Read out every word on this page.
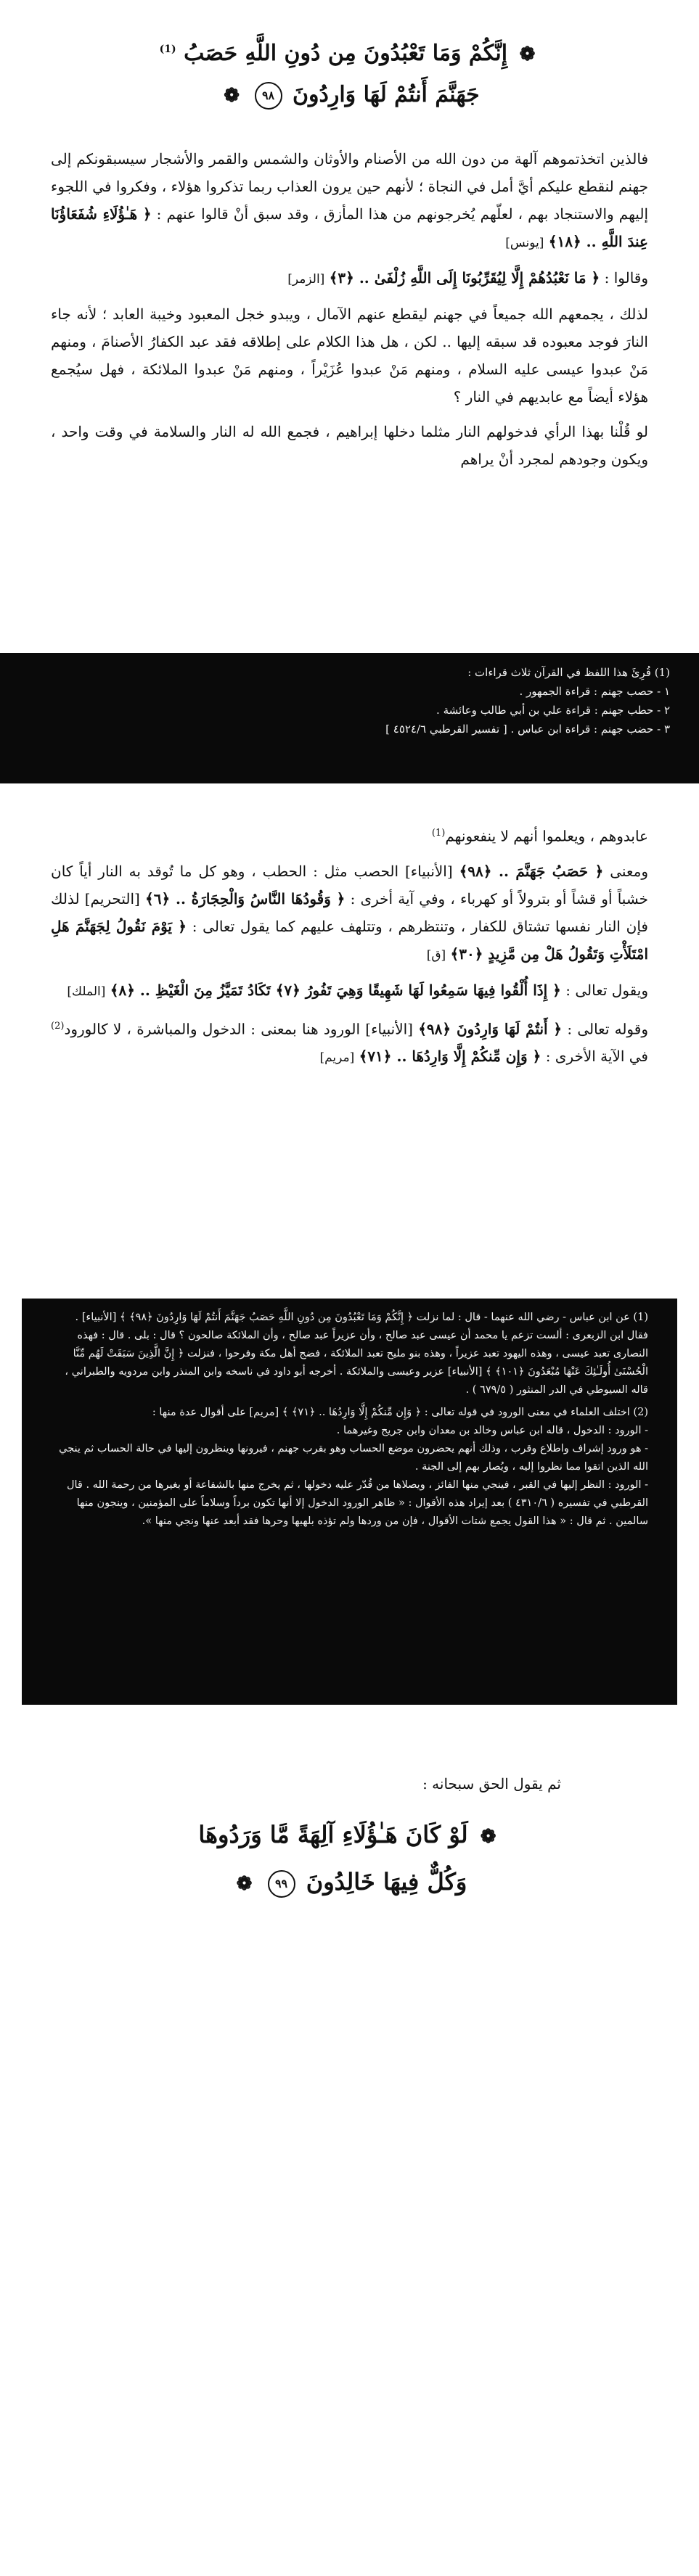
❁ إِنَّكُمْ وَمَا تَعْبُدُونَ مِن دُونِ اللَّهِ حَصَبُ $^{(1)}$
جَهَنَّمَ أَنتُمْ لَهَا وَارِدُونَ ٩٨ ❁

فالذين اتخذتموهم آلهة من دون الله من الأصنام والأوثان والشمس والقمر والأشجار سيسبقونكم إلى جهنم لنقطع عليكم أيَّ أمل في النجاة ؛ لأنهم حين يرون العذاب ربما تذكروا هؤلاء ، وفكروا في اللجوء إليهم والاستنجاد بهم ، لعلّهم يُخرجونهم من هذا المأزق ، وقد سبق أنْ قالوا عنهم : ﴿ هَـٰؤُلَاءِ شُفَعَاؤُنَا عِندَ اللَّهِ .. ﴿١٨﴾ [يونس]

وقالوا : ﴿ مَا نَعْبُدُهُمْ إِلَّا لِيُقَرِّبُونَا إِلَى اللَّهِ زُلْفَىٰ .. ﴿٣﴾ [الزمر]

لذلك ، يجمعهم الله جميعاً في جهنم ليقطع عنهم الآمال ، ويبدو خجل المعبود وخيبة العابد ؛ لأنه جاء النارَ فوجد معبوده قد سبقه إليها .. لكن ، هل هذا الكلام على إطلاقه فقد عبد الكفارُ الأصنامَ ، ومنهم مَنْ عبدوا عيسى عليه السلام ، ومنهم مَنْ عبدوا عُزَيْراً ، ومنهم مَنْ عبدوا الملائكة ، فهل سيُجمع هؤلاء أيضاً مع عابديهم في النار ؟

لو قُلْنا بهذا الرأي فدخولهم النار مثلما دخلها إبراهيم ، فجمع الله له النار والسلامة في وقت واحد ، ويكون وجودهم لمجرد أنْ يراهم

(1) قُرِئَ هذا اللفظ في القرآن ثلاث قراءات :

١ - حصب جهنم : قراءة الجمهور .

٢ - حطب جهنم : قراءة علي بن أبي طالب وعائشة .

٣ - حضب جهنم : قراءة ابن عباس . [ تفسير القرطبي ٤٥٢٤/٦ ]

عابدوهم ، ويعلموا أنهم لا ينفعونهم$^{(1)}$

ومعنى ﴿ حَصَبُ جَهَنَّمَ .. ﴿٩٨﴾ [الأنبياء] الحصب مثل : الحطب ، وهو كل ما تُوقد به النار أياً كان خشباً أو قشاً أو بترولاً أو كهرباء ، وفي آية أخرى : ﴿ وَقُودُهَا النَّاسُ وَالْحِجَارَةُ .. ﴿٦﴾ [التحريم] لذلك فإن النار نفسها تشتاق للكفار ، وتنتظرهم ، وتتلهف عليهم كما يقول تعالى : ﴿ يَوْمَ نَقُولُ لِجَهَنَّمَ هَلِ امْتَلَأْتِ وَتَقُولُ هَلْ مِن مَّزِيدٍ ﴿٣٠﴾ [ق]

ويقول تعالى : ﴿ إِذَا أُلْقُوا فِيهَا سَمِعُوا لَهَا شَهِيقًا وَهِيَ تَفُورُ ﴿٧﴾ تَكَادُ تَمَيَّزُ مِنَ الْغَيْظِ .. ﴿٨﴾ [الملك]

وقوله تعالى : ﴿ أَنتُمْ لَهَا وَارِدُونَ ﴿٩٨﴾ [الأنبياء] الورود هنا بمعنى : الدخول والمباشرة ، لا كالورود$^{(2)}$ في الآية الأخرى : ﴿ وَإِن مِّنكُمْ إِلَّا وَارِدُهَا .. ﴿٧١﴾ [مريم]

(1) عن ابن عباس - رضي الله عنهما - قال : لما نزلت ﴿ إِنَّكُمْ وَمَا تَعْبُدُونَ مِن دُونِ اللَّهِ حَصَبُ جَهَنَّمَ أَنتُمْ لَهَا وَارِدُونَ ﴿٩٨﴾ ﴾ [الأنبياء] . فقال ابن الزبعرى : ألست تزعم يا محمد أن عيسى عبد صالح ، وأن عزيراً عبد صالح ، وأن الملائكة صالحون ؟ قال : بلى . قال : فهذه النصارى تعبد عيسى ، وهذه اليهود تعبد عزيراً ، وهذه بنو مليح تعبد الملائكة ، فضج أهل مكة وفرحوا ، فنزلت ﴿ إِنَّ الَّذِينَ سَبَقَتْ لَهُم مِّنَّا الْحُسْنَىٰ أُولَـٰئِكَ عَنْهَا مُبْعَدُونَ ﴿١٠١﴾ ﴾ [الأنبياء] عزير وعيسى والملائكة . أخرجه أبو داود في ناسخه وابن المنذر وابن مردويه والطبراني ، قاله السيوطي في الدر المنثور ( ٦٧٩/٥ ) .

(2) اختلف العلماء في معنى الورود في قوله تعالى : ﴿ وَإِن مِّنكُمْ إِلَّا وَارِدُهَا .. ﴿٧١﴾ ﴾ [مريم] على أقوال عدة منها :

- الورود : الدخول ، قاله ابن عباس وخالد بن معدان وابن جريج وغيرهما .

- هو ورود إشراف واطلاع وقرب ، وذلك أنهم يحضرون موضع الحساب وهو بقرب جهنم ، فيرونها وينظرون إليها في حالة الحساب ثم ينجي الله الذين اتقوا مما نظروا إليه ، ويُصار بهم إلى الجنة .

- الورود : النظر إليها في القبر ، فينجي منها الفائز ، ويصلاها من قُدّر عليه دخولها ، ثم يخرج منها بالشفاعة أو بغيرها من رحمة الله . قال القرطبي في تفسيره ( ٤٣١٠/٦ ) بعد إيراد هذه الأقوال : « ظاهر الورود الدخول إلا أنها تكون برداً وسلاماً على المؤمنين ، وينجون منها سالمين . ثم قال : « هذا القول يجمع شتات الأقوال ، فإن من وردها ولم تؤذه بلهبها وحرها فقد أبعد عنها ونجي منها ».

ثم يقول الحق سبحانه :

❁ لَوْ كَانَ هَـٰؤُلَاءِ آلِهَةً مَّا وَرَدُوهَا
وَكُلٌّ فِيهَا خَالِدُونَ ٩٩ ❁
